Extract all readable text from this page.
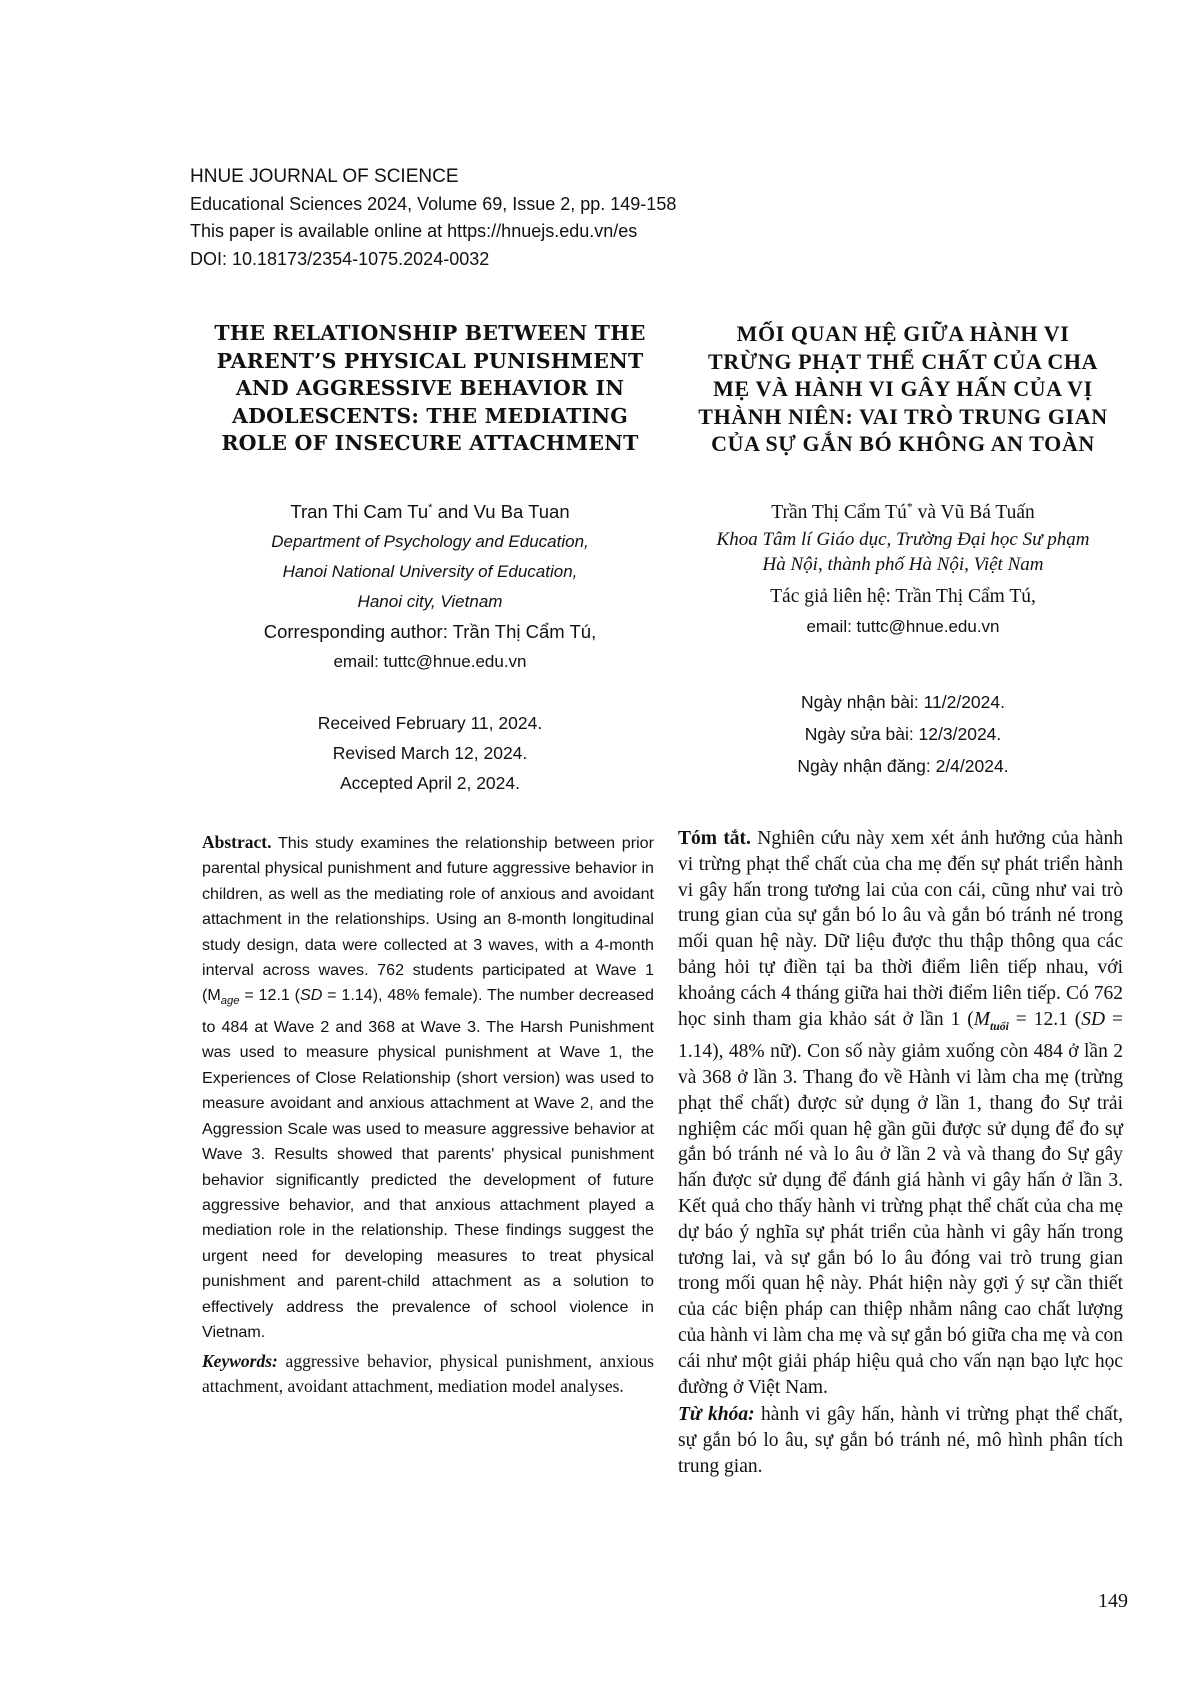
HNUE JOURNAL OF SCIENCE
Educational Sciences 2024, Volume 69, Issue 2, pp. 149-158
This paper is available online at https://hnuejs.edu.vn/es
DOI: 10.18173/2354-1075.2024-0032
THE RELATIONSHIP BETWEEN THE
PARENT’S PHYSICAL PUNISHMENT
AND AGGRESSIVE BEHAVIOR IN
ADOLESCENTS: THE MEDIATING
ROLE OF INSECURE ATTACHMENT
MỐI QUAN HỆ GIỮA HÀNH VI
TRỪNG PHẠT THỂ CHẤT CỦA CHA
MẸ VÀ HÀNH VI GÂY HẤN CỦA VỊ
THÀNH NIÊN: VAI TRÒ TRUNG GIAN
CỦA SỰ GẮN BÓ KHÔNG AN TOÀN
Tran Thi Cam Tu* and Vu Ba Tuan
Department of Psychology and Education,
Hanoi National University of Education,
Hanoi city, Vietnam
Corresponding author: Trần Thị Cẩm Tú,
email: tuttc@hnue.edu.vn
Trần Thị Cẩm Tú* và Vũ Bá Tuấn
Khoa Tâm lí Giáo dục, Trường Đại học Sư phạm
Hà Nội, thành phố Hà Nội, Việt Nam
Tác giả liên hệ: Trần Thị Cẩm Tú,
email: tuttc@hnue.edu.vn
Received February 11, 2024.
Revised March 12, 2024.
Accepted April 2, 2024.
Ngày nhận bài: 11/2/2024.
Ngày sửa bài: 12/3/2024.
Ngày nhận đăng: 2/4/2024.
Abstract. This study examines the relationship between prior parental physical punishment and future aggressive behavior in children, as well as the mediating role of anxious and avoidant attachment in the relationships. Using an 8-month longitudinal study design, data were collected at 3 waves, with a 4-month interval across waves. 762 students participated at Wave 1 ($M_{age} = 12.1$ (SD = 1.14), 48% female). The number decreased to 484 at Wave 2 and 368 at Wave 3. The Harsh Punishment was used to measure physical punishment at Wave 1, the Experiences of Close Relationship (short version) was used to measure avoidant and anxious attachment at Wave 2, and the Aggression Scale was used to measure aggressive behavior at Wave 3. Results showed that parents' physical punishment behavior significantly predicted the development of future aggressive behavior, and that anxious attachment played a mediation role in the relationship. These findings suggest the urgent need for developing measures to treat physical punishment and parent-child attachment as a solution to effectively address the prevalence of school violence in Vietnam.
Keywords: aggressive behavior, physical punishment, anxious attachment, avoidant attachment, mediation model analyses.
Tóm tắt. Nghiên cứu này xem xét ảnh hưởng của hành vi trừng phạt thể chất của cha mẹ đến sự phát triển hành vi gây hấn trong tương lai của con cái, cũng như vai trò trung gian của sự gắn bó lo âu và gắn bó tránh né trong mối quan hệ này. Dữ liệu được thu thập thông qua các bảng hỏi tự điền tại ba thời điểm liên tiếp nhau, với khoảng cách 4 tháng giữa hai thời điểm liên tiếp. Có 762 học sinh tham gia khảo sát ở lần 1 ($M_{tuổi} = 12.1$ (SD = 1.14), 48% nữ). Con số này giảm xuống còn 484 ở lần 2 và 368 ở lần 3. Thang đo về Hành vi làm cha mẹ (trừng phạt thể chất) được sử dụng ở lần 1, thang đo Sự trải nghiệm các mối quan hệ gần gũi được sử dụng để đo sự gắn bó tránh né và lo âu ở lần 2 và và thang đo Sự gây hấn được sử dụng để đánh giá hành vi gây hấn ở lần 3. Kết quả cho thấy hành vi trừng phạt thể chất của cha mẹ dự báo ý nghĩa sự phát triển của hành vi gây hấn trong tương lai, và sự gắn bó lo âu đóng vai trò trung gian trong mối quan hệ này. Phát hiện này gợi ý sự cần thiết của các biện pháp can thiệp nhằm nâng cao chất lượng của hành vi làm cha mẹ và sự gắn bó giữa cha mẹ và con cái như một giải pháp hiệu quả cho vấn nạn bạo lực học đường ở Việt Nam.
Từ khóa: hành vi gây hấn, hành vi trừng phạt thể chất, sự gắn bó lo âu, sự gắn bó tránh né, mô hình phân tích trung gian.
149
